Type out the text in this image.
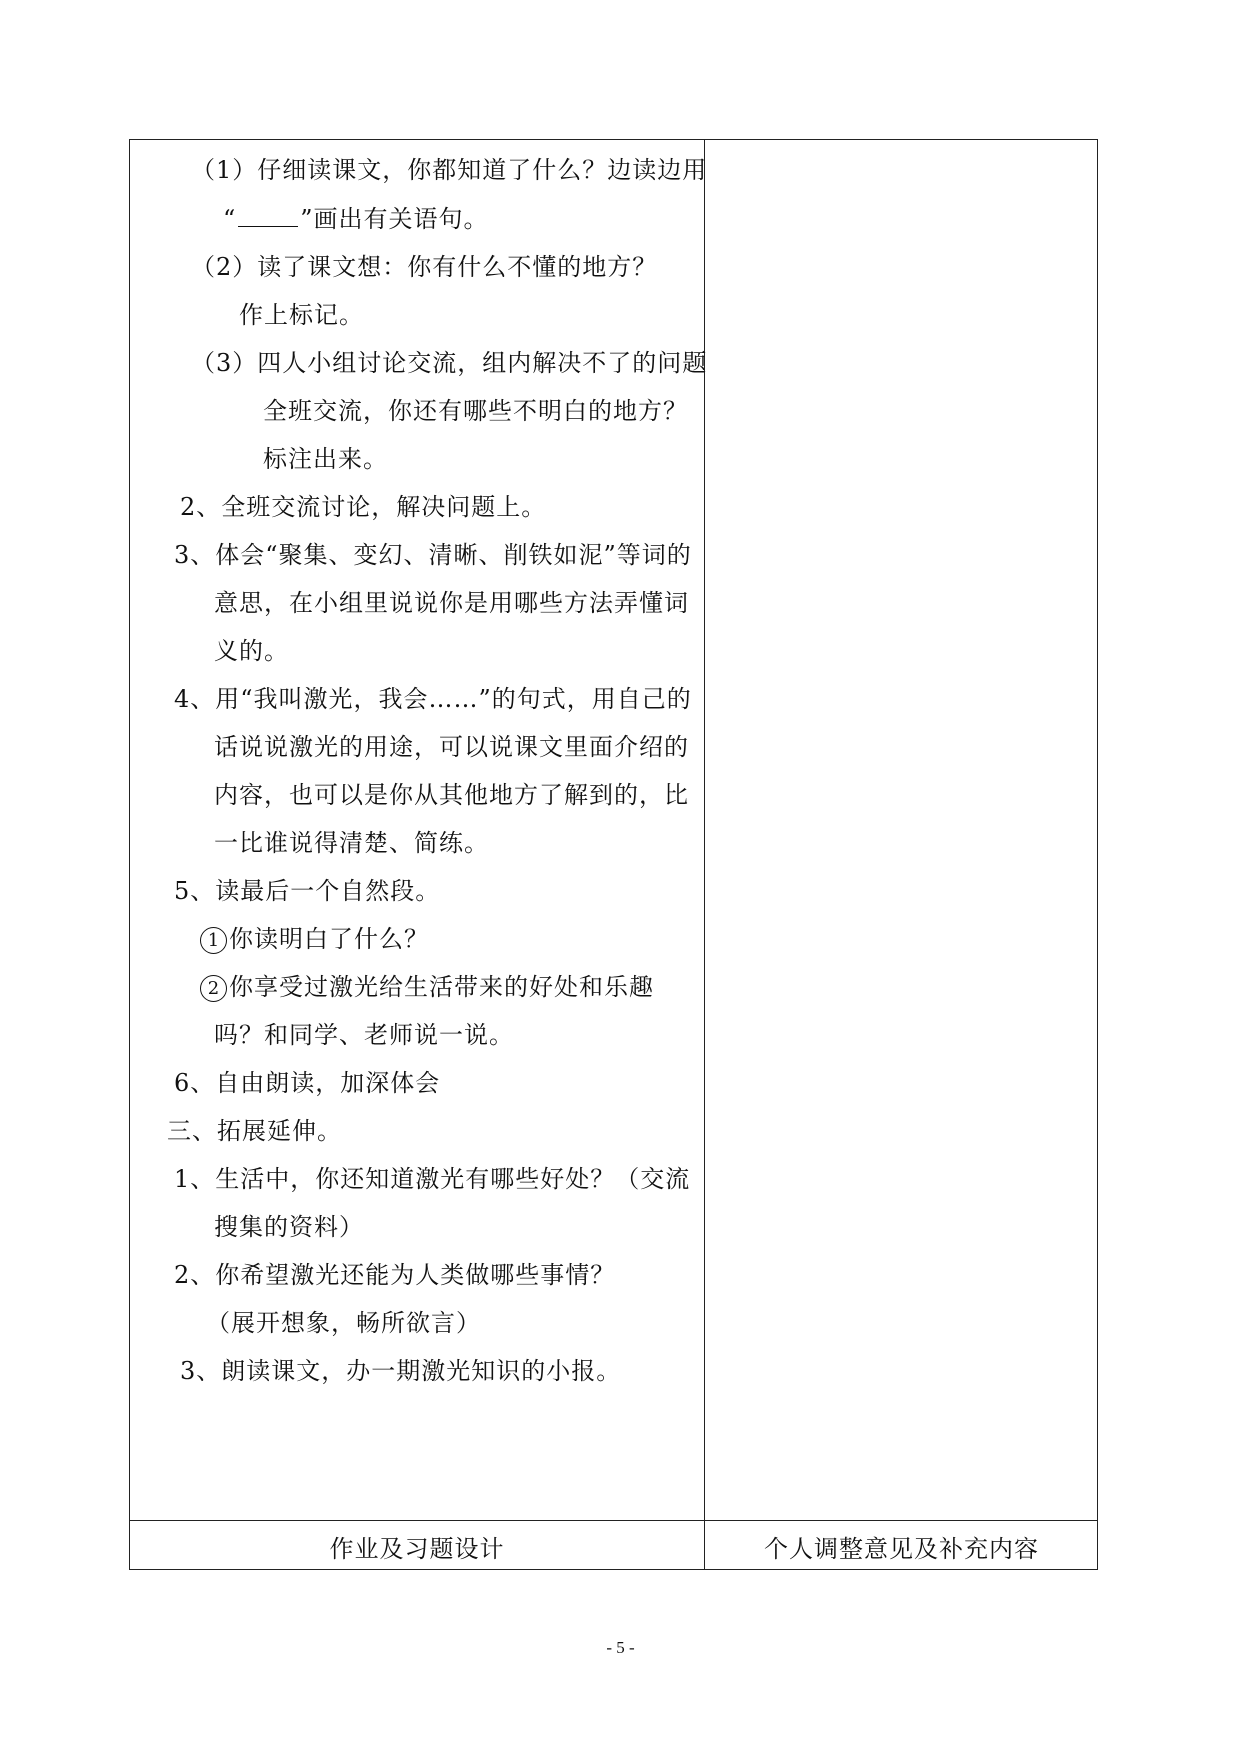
（1）仔细读课文，你都知道了什么？边读边用
“	”画出有关语句。
（2）读了课文想：你有什么不懂的地方？
作上标记。
（3）四人小组讨论交流，组内解决不了的问题
全班交流，你还有哪些不明白的地方？
标注出来。
2、全班交流讨论，解决问题上。
3、体会“聚集、变幻、清晰、削铁如泥”等词的
意思，在小组里说说你是用哪些方法弄懂词
义的。
4、用“我叫激光，我会……”的句式，用自己的
话说说激光的用途，可以说课文里面介绍的
内容，也可以是你从其他地方了解到的，比
一比谁说得清楚、简练。
5、读最后一个自然段。
1 你读明白了什么？
2 你享受过激光给生活带来的好处和乐趣
吗？和同学、老师说一说。
6、自由朗读，加深体会
三、拓展延伸。
1、生活中，你还知道激光有哪些好处？（交流
搜集的资料）
2、你希望激光还能为人类做哪些事情？
（展开想象，畅所欲言）
3、朗读课文，办一期激光知识的小报。
作业及习题设计	个人调整意见及补充内容
- 5 -
